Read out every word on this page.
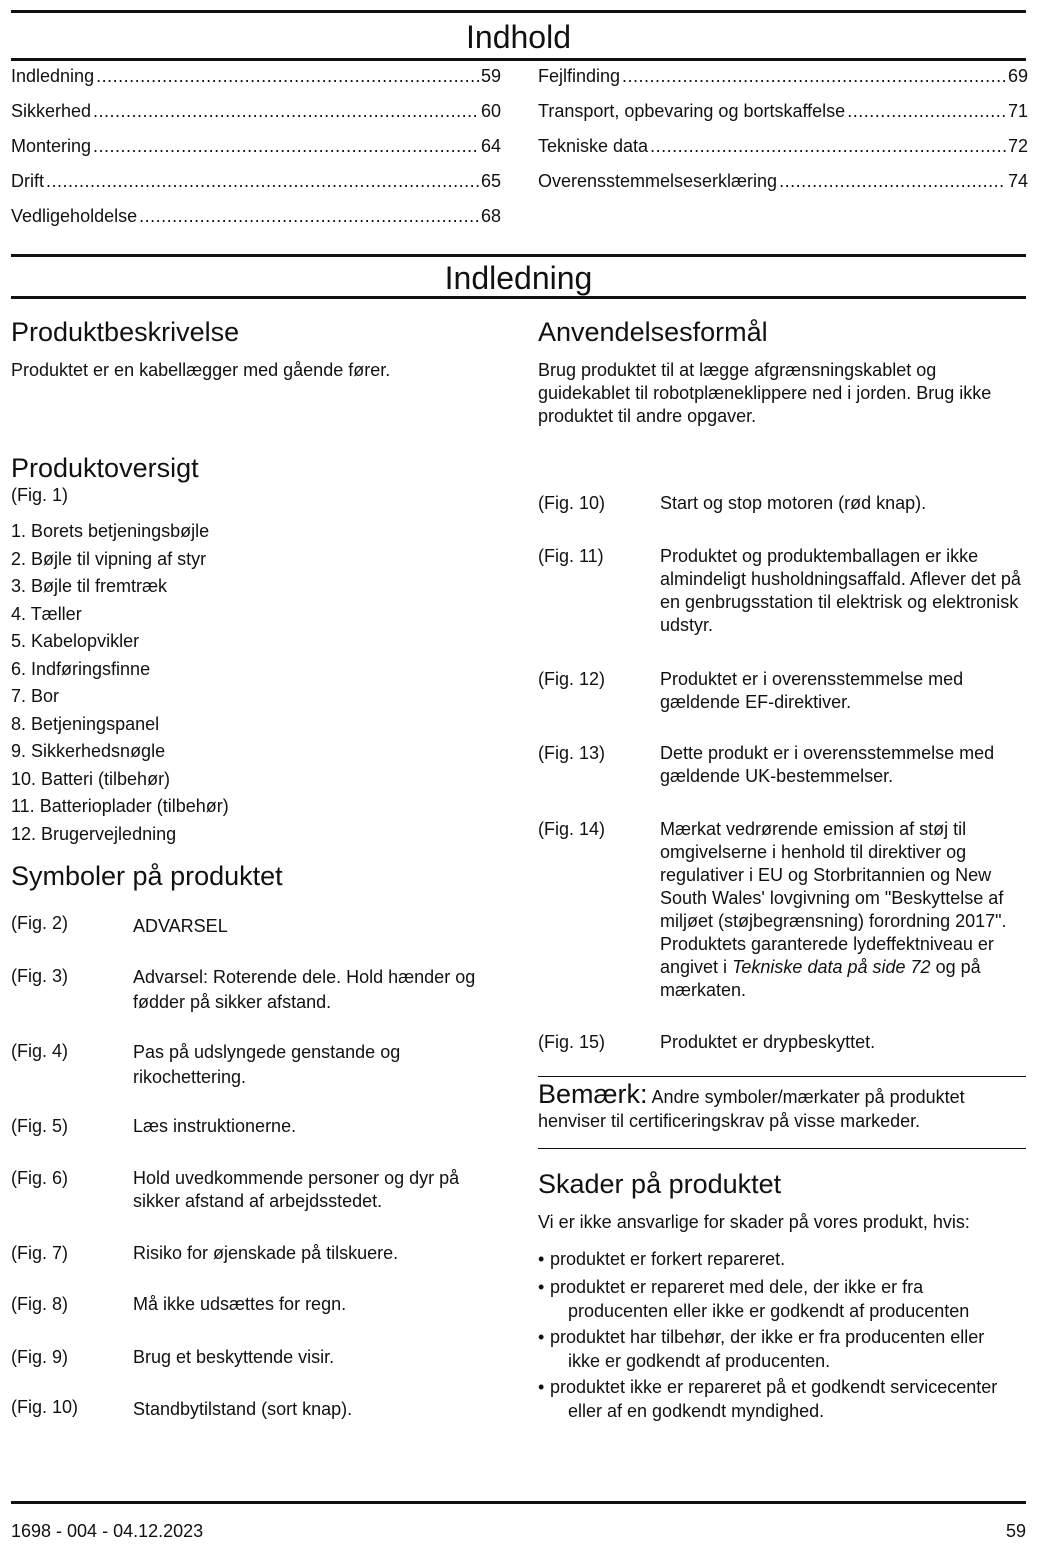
Indhold
Indledning .....	59
Sikkerhed .....	60
Montering .....	64
Drift .....	65
Vedligeholdelse .....	68
Fejlfinding .....	69
Transport, opbevaring og bortskaffelse .....	71
Tekniske data .....	72
Overensstemmelseserklæring .....	74
Indledning
Produktbeskrivelse
Produktet er en kabellægger med gående fører.
Produktoversigt
(Fig. 1)
1. Borets betjeningsbøjle
2. Bøjle til vipning af styr
3. Bøjle til fremtræk
4. Tæller
5. Kabelopvikler
6. Indføringsfinne
7. Bor
8. Betjeningspanel
9. Sikkerhedsnøgle
10. Batteri (tilbehør)
11. Batterioplader (tilbehør)
12. Brugervejledning
Symboler på produktet
(Fig. 2)	ADVARSEL
(Fig. 3)	Advarsel: Roterende dele. Hold hænder og fødder på sikker afstand.
(Fig. 4)	Pas på udslyngede genstande og rikochettering.
(Fig. 5)	Læs instruktionerne.
(Fig. 6)	Hold uvedkommende personer og dyr på sikker afstand af arbejdsstedet.
(Fig. 7)	Risiko for øjenskade på tilskuere.
(Fig. 8)	Må ikke udsættes for regn.
(Fig. 9)	Brug et beskyttende visir.
(Fig. 10)	Standbytilstand (sort knap).
Anvendelsesformål
Brug produktet til at lægge afgrænsningskablet og guidekablet til robotplæneklippere ned i jorden. Brug ikke produktet til andre opgaver.
(Fig. 10)	Start og stop motoren (rød knap).
(Fig. 11)	Produktet og produktemballagen er ikke almindeligt husholdningsaffald. Aflever det på en genbrugsstation til elektrisk og elektronisk udstyr.
(Fig. 12)	Produktet er i overensstemmelse med gældende EF-direktiver.
(Fig. 13)	Dette produkt er i overensstemmelse med gældende UK-bestemmelser.
(Fig. 14)	Mærkat vedrørende emission af støj til omgivelserne i henhold til direktiver og regulativer i EU og Storbritannien og New South Wales' lovgivning om "Beskyttelse af miljøet (støjbegrænsning) forordning 2017". Produktets garanterede lydeffektniveau er angivet i Tekniske data på side 72 og på mærkaten.
(Fig. 15)	Produktet er drypbeskyttet.
Bemærk: Andre symboler/mærkater på produktet henviser til certificeringskrav på visse markeder.
Skader på produktet
Vi er ikke ansvarlige for skader på vores produkt, hvis:
• produktet er forkert repareret.
• produktet er repareret med dele, der ikke er fra producenten eller ikke er godkendt af producenten
• produktet har tilbehør, der ikke er fra producenten eller ikke er godkendt af producenten.
• produktet ikke er repareret på et godkendt servicecenter eller af en godkendt myndighed.
1698 - 004 - 04.12.2023	59
